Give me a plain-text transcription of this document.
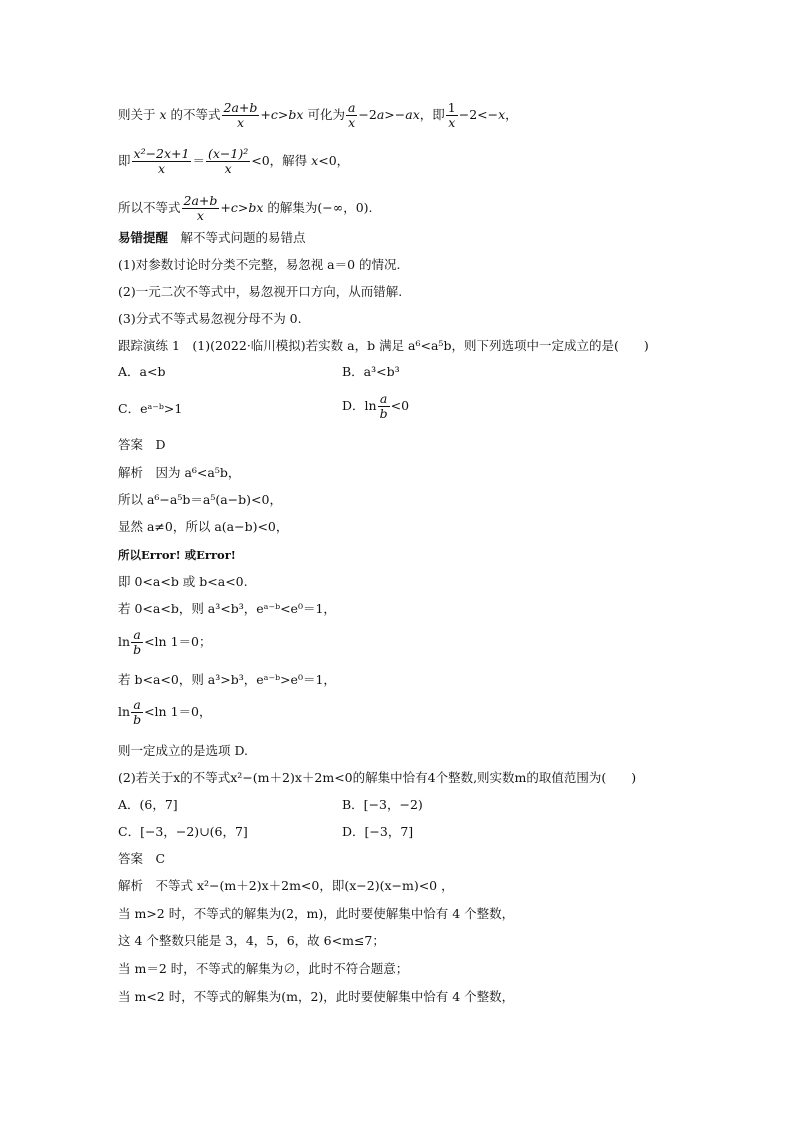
则关于 x 的不等式 $\frac{2a+b}{x} +c>bx$ 可化为 $\frac{a}{x} -2a>-ax$，即 $\frac{1}{x} -2<-x$，
即 $\frac{\text{x²−2x+1}}{x} = \frac{\text{(x−1)²}}{x} <0$，解得 x<0，
所以不等式 $\frac{2a+b}{x} +c>bx$ 的解集为(−∞，0).
易错提醒　解不等式问题的易错点
(1)对参数讨论时分类不完整，易忽视 a＝0 的情况.
(2)一元二次不等式中，易忽视开口方向，从而错解.
(3)分式不等式易忽视分母不为 0.
跟踪演练 1　(1)(2022·临川模拟)若实数 a，b 满足 a⁶<a⁵b，则下列选项中一定成立的是(　　)
A．a<b	B．a³<b³
C．eᵃ⁻ᵇ>1	D．$\ln \frac{a}{b} <0$
答案　D
解析　因为 a⁶<a⁵b，
所以 a⁶−a⁵b＝a⁵(a−b)<0，
显然 a≠0，所以 a(a−b)<0，
所以Error! 或Error!
即 0<a<b 或 b<a<0.
若 0<a<b，则 a³<b³，eᵃ⁻ᵇ<e⁰＝1，
$\ln \frac{a}{b} <\ln$ 1＝0；
若 b<a<0，则 a³>b³，eᵃ⁻ᵇ>e⁰＝1，
$\ln \frac{a}{b} <\ln$ 1＝0，
则一定成立的是选项 D.
(2)若关于x的不等式x²−(m＋2)x＋2m<0的解集中恰有4个整数,则实数m的取值范围为(　　)
A．(6，7]	B．[−3，−2)
C．[−3，−2)∪(6，7]	D．[−3，7]
答案　C
解析　不等式 x²−(m＋2)x＋2m<0，即(x−2)(x−m)<0 ，
当 m>2 时，不等式的解集为(2，m)，此时要使解集中恰有 4 个整数，
这 4 个整数只能是 3，4，5，6，故 6<m≤7；
当 m＝2 时，不等式的解集为∅，此时不符合题意；
当 m<2 时，不等式的解集为(m，2)，此时要使解集中恰有 4 个整数，
